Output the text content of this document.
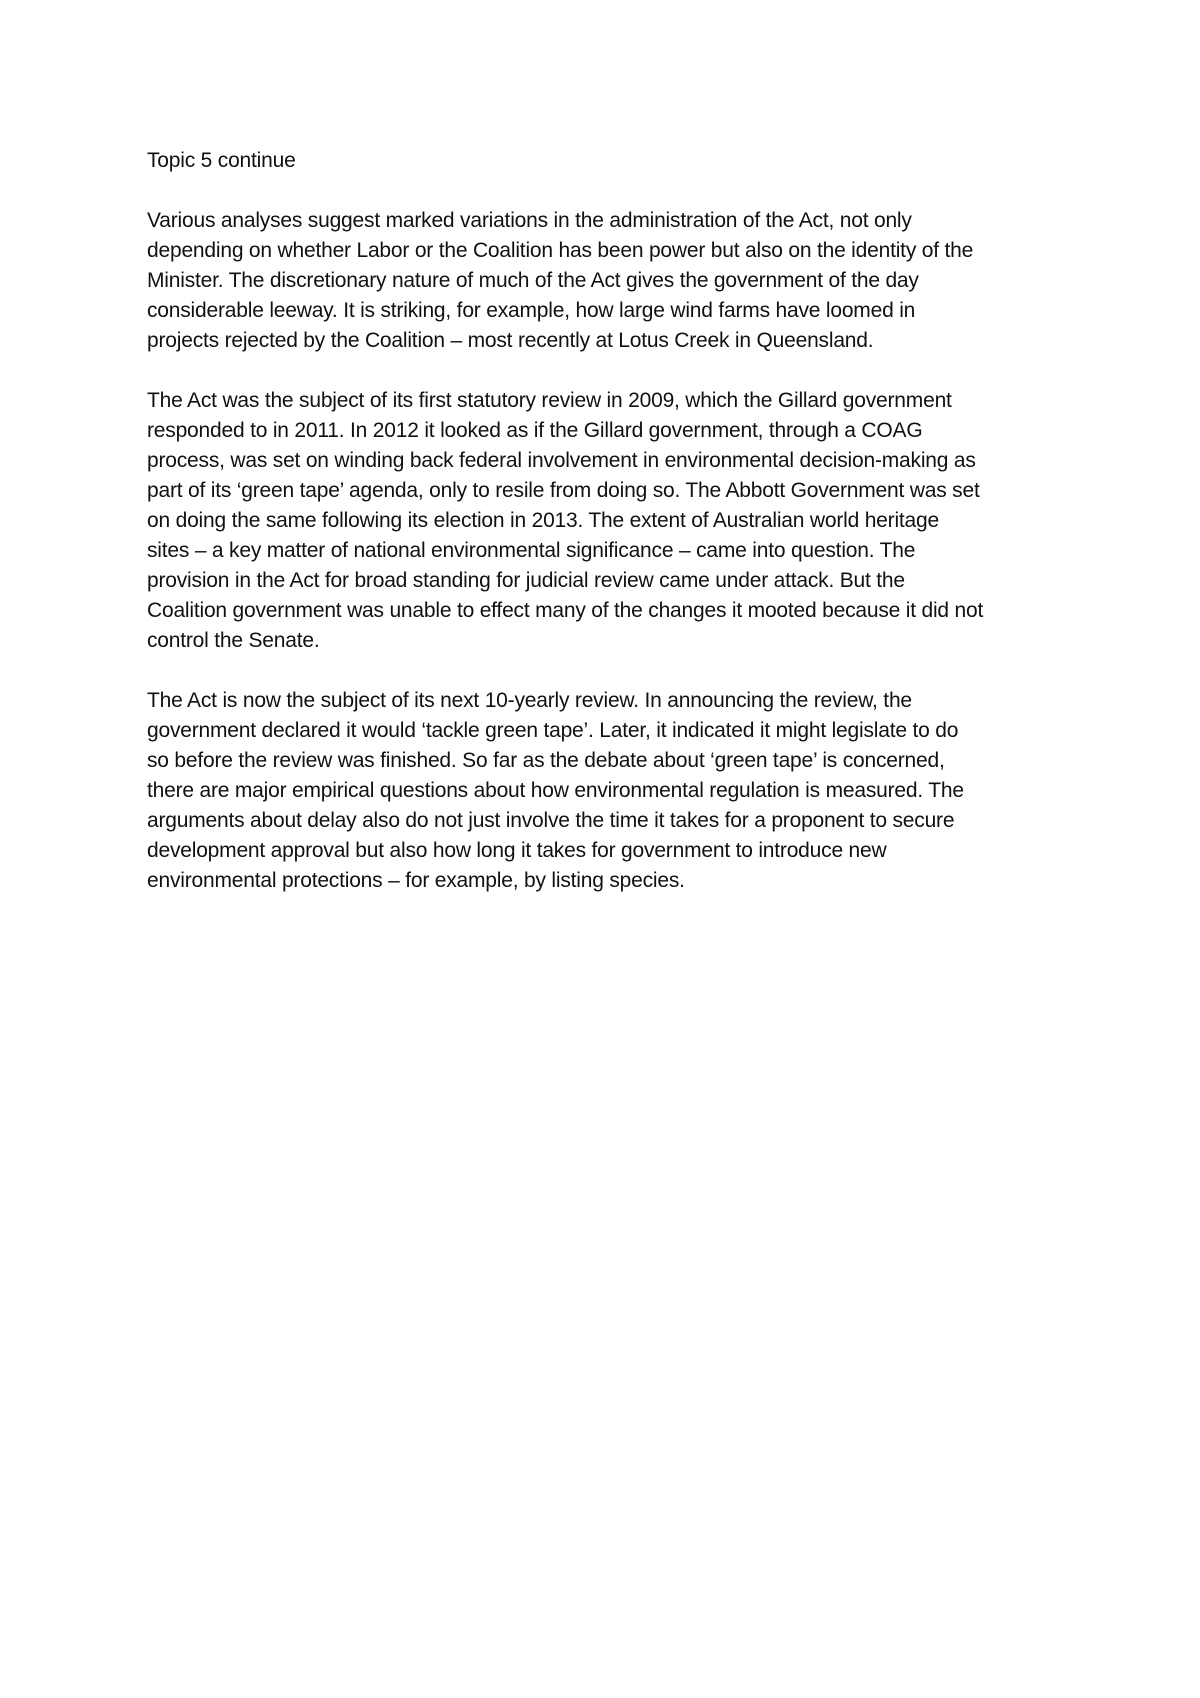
Topic 5 continue
Various analyses suggest marked variations in the administration of the Act, not only
depending on whether Labor or the Coalition has been power but also on the identity of the
Minister. The discretionary nature of much of the Act gives the government of the day
considerable leeway. It is striking, for example, how large wind farms have loomed in
projects rejected by the Coalition – most recently at Lotus Creek in Queensland.
The Act was the subject of its first statutory review in 2009, which the Gillard government
responded to in 2011. In 2012 it looked as if the Gillard government, through a COAG
process, was set on winding back federal involvement in environmental decision-making as
part of its ‘green tape’ agenda, only to resile from doing so. The Abbott Government was set
on doing the same following its election in 2013. The extent of Australian world heritage
sites – a key matter of national environmental significance – came into question. The
provision in the Act for broad standing for judicial review came under attack. But the
Coalition government was unable to effect many of the changes it mooted because it did not
control the Senate.
The Act is now the subject of its next 10-yearly review. In announcing the review, the
government declared it would ‘tackle green tape’. Later, it indicated it might legislate to do
so before the review was finished. So far as the debate about ‘green tape’ is concerned,
there are major empirical questions about how environmental regulation is measured. The
arguments about delay also do not just involve the time it takes for a proponent to secure
development approval but also how long it takes for government to introduce new
environmental protections – for example, by listing species.
